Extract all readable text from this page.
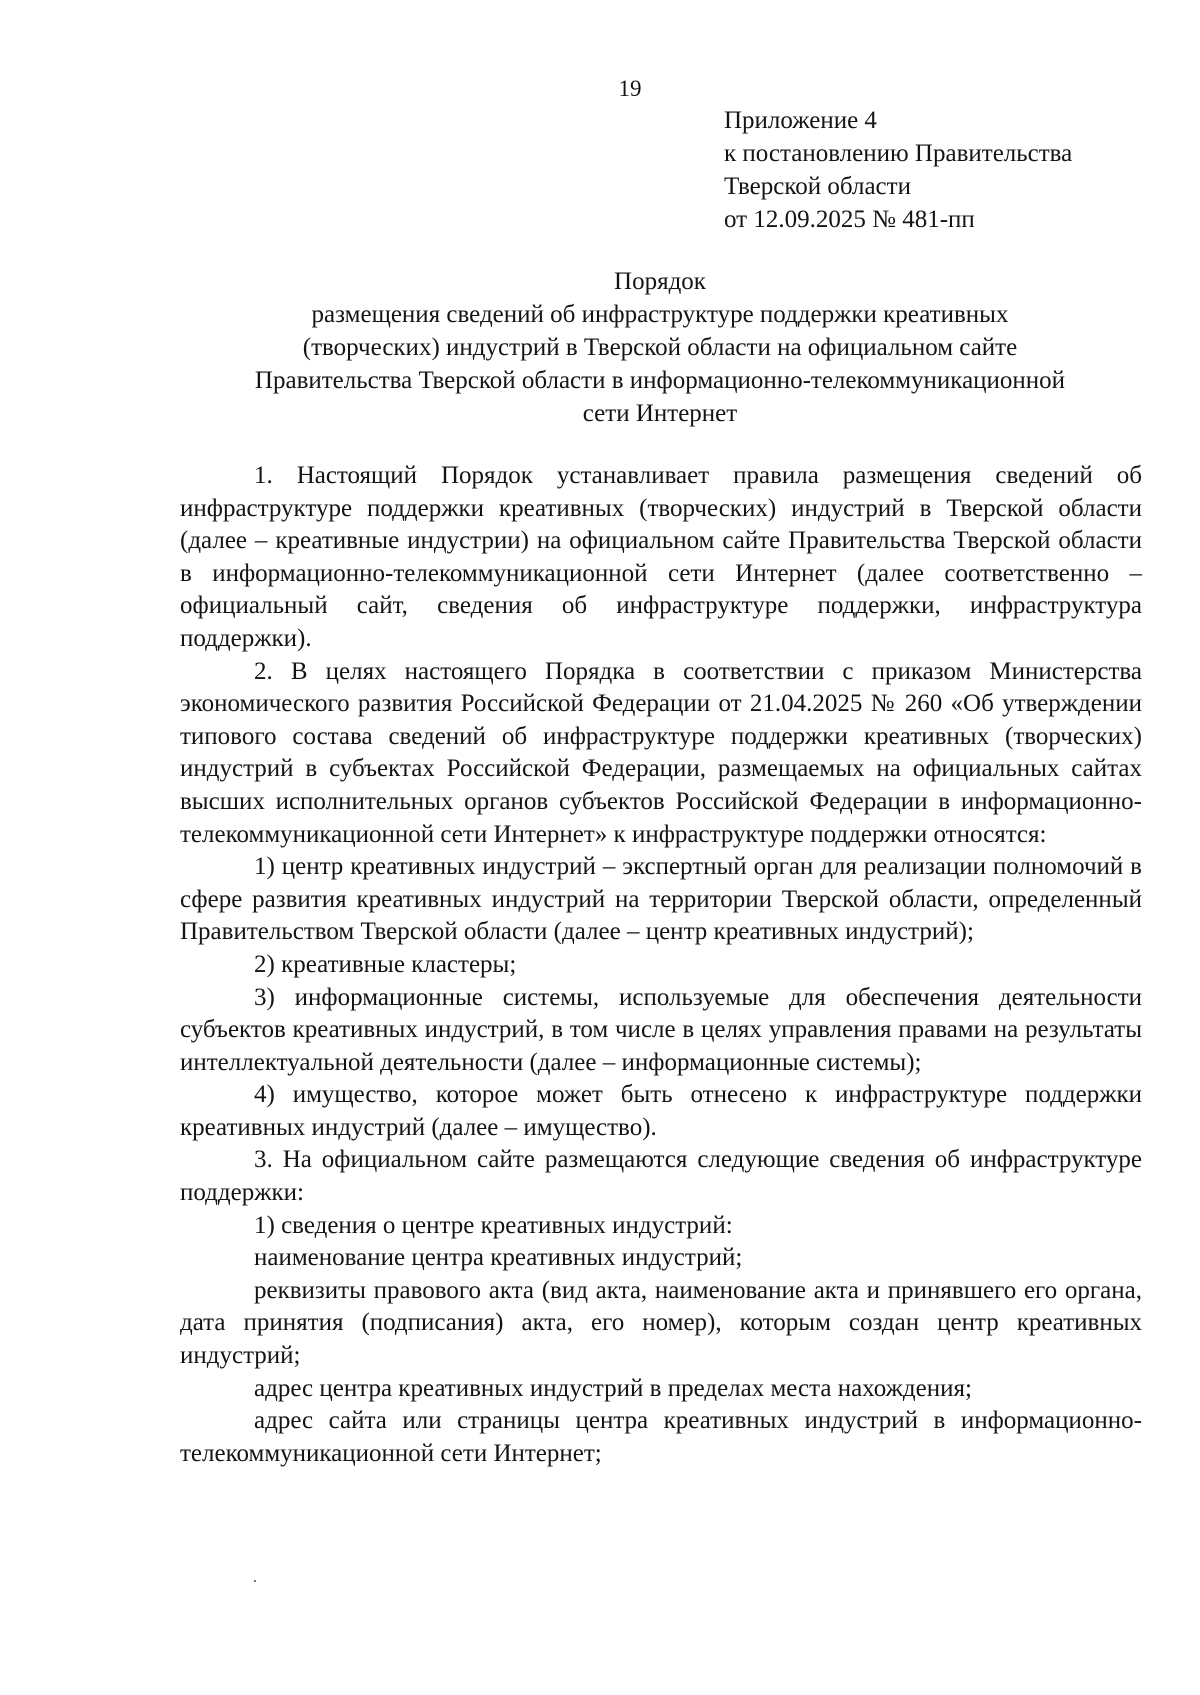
19
Приложение 4
к постановлению Правительства
Тверской области
от 12.09.2025 № 481-пп
Порядок
размещения сведений об инфраструктуре поддержки креативных
(творческих) индустрий в Тверской области на официальном сайте
Правительства Тверской области в информационно-телекоммуникационной
сети Интернет

1. Настоящий Порядок устанавливает правила размещения сведений об инфраструктуре поддержки креативных (творческих) индустрий в Тверской области (далее – креативные индустрии) на официальном сайте Правительства Тверской области в информационно-телекоммуникационной сети Интернет (далее соответственно – официальный сайт, сведения об инфраструктуре поддержки, инфраструктура поддержки).

2. В целях настоящего Порядка в соответствии с приказом Министерства экономического развития Российской Федерации от 21.04.2025 № 260 «Об утверждении типового состава сведений об инфраструктуре поддержки креативных (творческих) индустрий в субъектах Российской Федерации, размещаемых на официальных сайтах высших исполнительных органов субъектов Российской Федерации в информационно-телекоммуникационной сети Интернет» к инфраструктуре поддержки относятся:

1) центр креативных индустрий – экспертный орган для реализации полномочий в сфере развития креативных индустрий на территории Тверской области, определенный Правительством Тверской области (далее – центр креативных индустрий);

2) креативные кластеры;

3) информационные системы, используемые для обеспечения деятельности субъектов креативных индустрий, в том числе в целях управления правами на результаты интеллектуальной деятельности (далее – информационные системы);

4) имущество, которое может быть отнесено к инфраструктуре поддержки креативных индустрий (далее – имущество).

3. На официальном сайте размещаются следующие сведения об инфраструктуре поддержки:

1) сведения о центре креативных индустрий:

наименование центра креативных индустрий;

реквизиты правового акта (вид акта, наименование акта и принявшего его органа, дата принятия (подписания) акта, его номер), которым создан центр креативных индустрий;

адрес центра креативных индустрий в пределах места нахождения;

адрес сайта или страницы центра креативных индустрий в информационно-телекоммуникационной сети Интернет;
